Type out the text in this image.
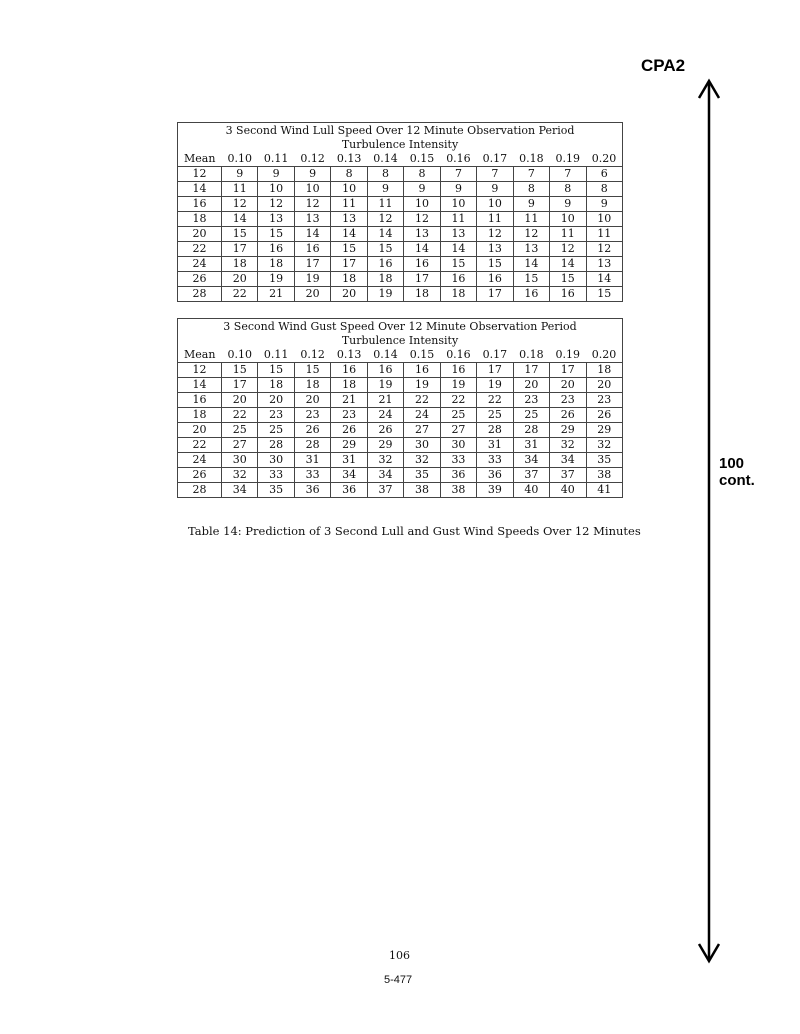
CPA2
100
cont.
3 Second Wind Lull Speed Over 12 Minute Observation Period											
Turbulence Intensity											
Mean	0.10	0.11	0.12	0.13	0.14	0.15	0.16	0.17	0.18	0.19	0.20
12	9	9	9	8	8	8	7	7	7	7	6
14	11	10	10	10	9	9	9	9	8	8	8
16	12	12	12	11	11	10	10	10	9	9	9
18	14	13	13	13	12	12	11	11	11	10	10
20	15	15	14	14	14	13	13	12	12	11	11
22	17	16	16	15	15	14	14	13	13	12	12
24	18	18	17	17	16	16	15	15	14	14	13
26	20	19	19	18	18	17	16	16	15	15	14
28	22	21	20	20	19	18	18	17	16	16	15
3 Second Wind Gust Speed Over 12 Minute Observation Period											
Turbulence Intensity											
Mean	0.10	0.11	0.12	0.13	0.14	0.15	0.16	0.17	0.18	0.19	0.20
12	15	15	15	16	16	16	16	17	17	17	18
14	17	18	18	18	19	19	19	19	20	20	20
16	20	20	20	21	21	22	22	22	23	23	23
18	22	23	23	23	24	24	25	25	25	26	26
20	25	25	26	26	26	27	27	28	28	29	29
22	27	28	28	29	29	30	30	31	31	32	32
24	30	30	31	31	32	32	33	33	34	34	35
26	32	33	33	34	34	35	36	36	37	37	38
28	34	35	36	36	37	38	38	39	40	40	41
Table 14: Prediction of 3 Second Lull and Gust Wind Speeds Over 12 Minutes
106
5-477
